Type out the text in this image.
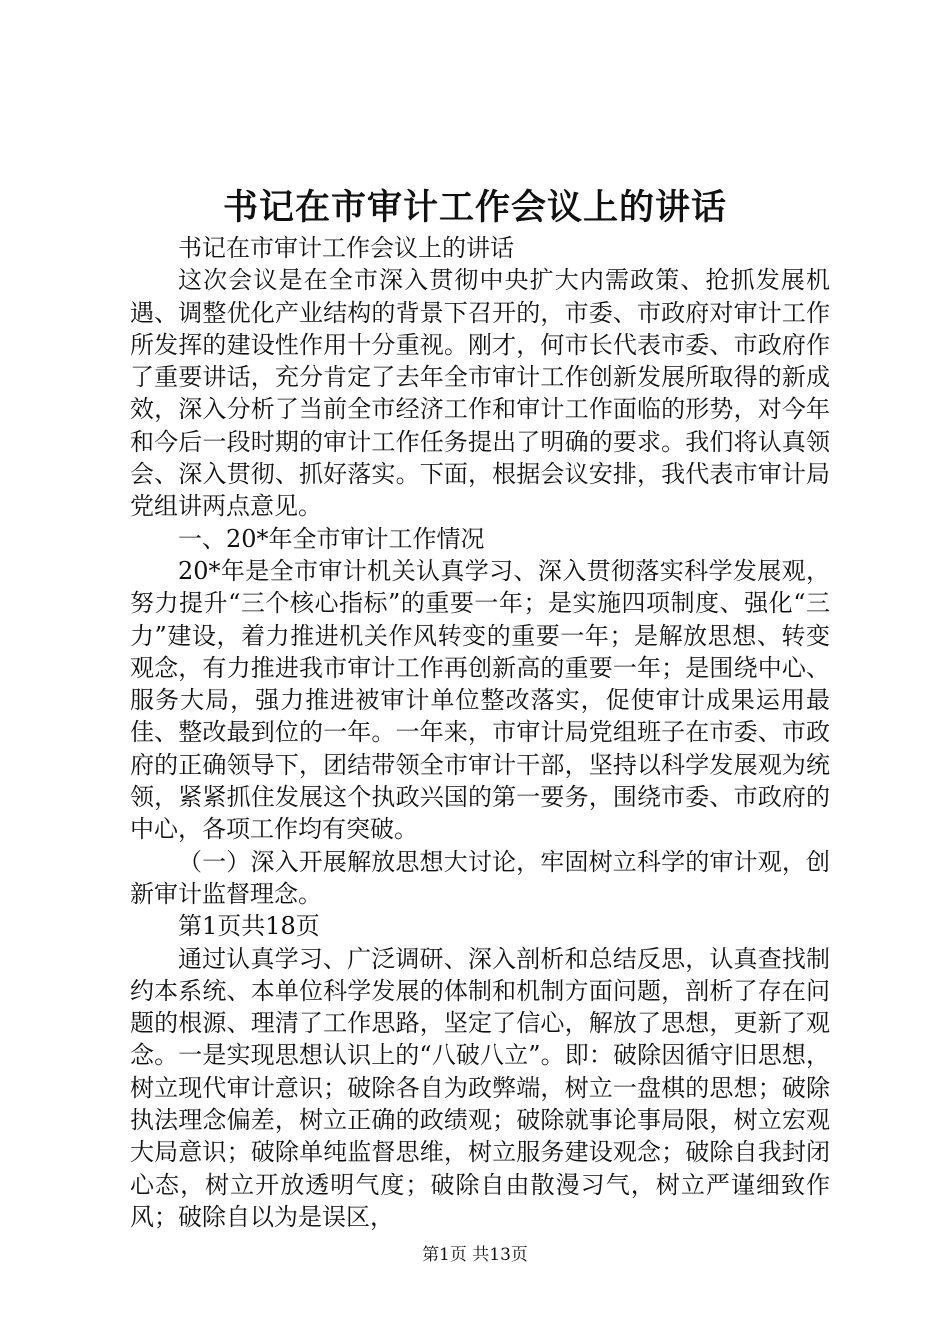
书记在市审计工作会议上的讲话

书记在市审计工作会议上的讲话

这次会议是在全市深入贯彻中央扩大内需政策、抢抓发展机遇、调整优化产业结构的背景下召开的，市委、市政府对审计工作所发挥的建设性作用十分重视。刚才，何市长代表市委、市政府作了重要讲话，充分肯定了去年全市审计工作创新发展所取得的新成效，深入分析了当前全市经济工作和审计工作面临的形势，对今年和今后一段时期的审计工作任务提出了明确的要求。我们将认真领会、深入贯彻、抓好落实。下面，根据会议安排，我代表市审计局党组讲两点意见。

一、20*年全市审计工作情况

20*年是全市审计机关认真学习、深入贯彻落实科学发展观，努力提升“三个核心指标”的重要一年；是实施四项制度、强化“三力”建设，着力推进机关作风转变的重要一年；是解放思想、转变观念，有力推进我市审计工作再创新高的重要一年；是围绕中心、服务大局，强力推进被审计单位整改落实，促使审计成果运用最佳、整改最到位的一年。一年来，市审计局党组班子在市委、市政府的正确领导下，团结带领全市审计干部，坚持以科学发展观为统领，紧紧抓住发展这个执政兴国的第一要务，围绕市委、市政府的中心，各项工作均有突破。

（一）深入开展解放思想大讨论，牢固树立科学的审计观，创新审计监督理念。

第1页共18页

通过认真学习、广泛调研、深入剖析和总结反思，认真查找制约本系统、本单位科学发展的体制和机制方面问题，剖析了存在问题的根源、理清了工作思路，坚定了信心，解放了思想，更新了观念。一是实现思想认识上的“八破八立”。即：破除因循守旧思想，树立现代审计意识；破除各自为政弊端，树立一盘棋的思想；破除执法理念偏差，树立正确的政绩观；破除就事论事局限，树立宏观大局意识；破除单纯监督思维，树立服务建设观念；破除自我封闭心态，树立开放透明气度；破除自由散漫习气，树立严谨细致作风；破除自以为是误区，

第1页 共13页
